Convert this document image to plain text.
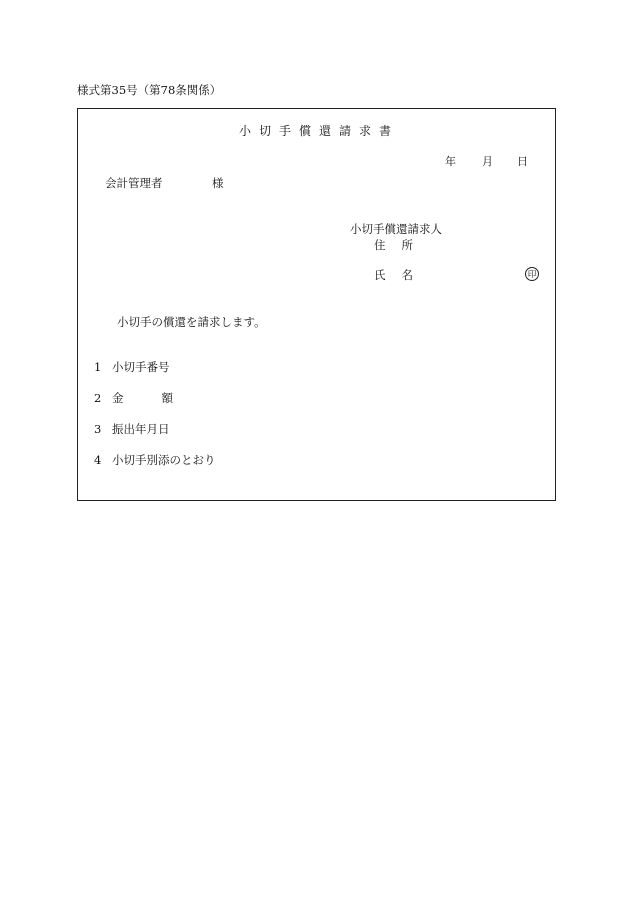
様式第35号（第78条関係）
小切手償還請求書
年 月 日
会計管理者	様
小切手償還請求人
住 所
氏 名	印
小切手の償還を請求します。
1 小切手番号
2 金	額
3 振出年月日
4 小切手別添のとおり
